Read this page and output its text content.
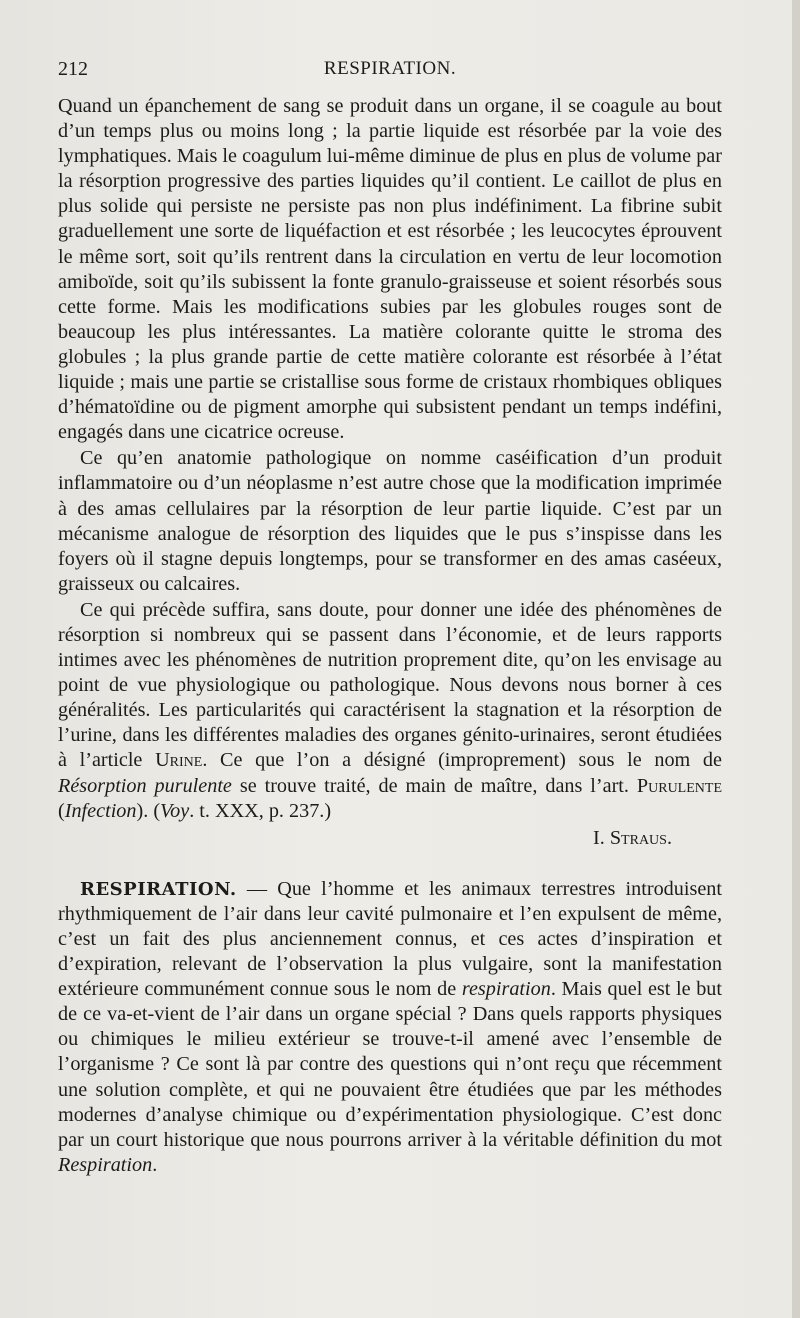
212	RESPIRATION.

Quand un épanchement de sang se produit dans un organe, il se coagule au bout d’un temps plus ou moins long ; la partie liquide est résorbée par la voie des lymphatiques. Mais le coagulum lui-même diminue de plus en plus de volume par la résorption progressive des parties liquides qu’il contient. Le caillot de plus en plus solide qui persiste ne persiste pas non plus indéfiniment. La fibrine subit graduellement une sorte de liquéfaction et est résorbée ; les leucocytes éprouvent le même sort, soit qu’ils rentrent dans la circulation en vertu de leur locomotion amiboïde, soit qu’ils subissent la fonte granulo-graisseuse et soient résorbés sous cette forme. Mais les modifications subies par les globules rouges sont de beaucoup les plus intéressantes. La matière colorante quitte le stroma des globules ; la plus grande partie de cette matière colorante est résorbée à l’état liquide ; mais une partie se cristallise sous forme de cristaux rhombiques obliques d’hématoïdine ou de pigment amorphe qui subsistent pendant un temps indéfini, engagés dans une cicatrice ocreuse.

Ce qu’en anatomie pathologique on nomme caséification d’un produit inflammatoire ou d’un néoplasme n’est autre chose que la modification imprimée à des amas cellulaires par la résorption de leur partie liquide. C’est par un mécanisme analogue de résorption des liquides que le pus s’inspisse dans les foyers où il stagne depuis longtemps, pour se transformer en des amas caséeux, graisseux ou calcaires.

Ce qui précède suffira, sans doute, pour donner une idée des phénomènes de résorption si nombreux qui se passent dans l’économie, et de leurs rapports intimes avec les phénomènes de nutrition proprement dite, qu’on les envisage au point de vue physiologique ou pathologique. Nous devons nous borner à ces généralités. Les particularités qui caractérisent la stagnation et la résorption de l’urine, dans les différentes maladies des organes génito-urinaires, seront étudiées à l’article Urine. Ce que l’on a désigné (improprement) sous le nom de Résorption purulente se trouve traité, de main de maître, dans l’art. Purulente (Infection). (Voy. t. XXX, p. 237.)

I. Straus.

RESPIRATION. — Que l’homme et les animaux terrestres introduisent rhythmiquement de l’air dans leur cavité pulmonaire et l’en expulsent de même, c’est un fait des plus anciennement connus, et ces actes d’inspiration et d’expiration, relevant de l’observation la plus vulgaire, sont la manifestation extérieure communément connue sous le nom de respiration. Mais quel est le but de ce va-et-vient de l’air dans un organe spécial ? Dans quels rapports physiques ou chimiques le milieu extérieur se trouve-t-il amené avec l’ensemble de l’organisme ? Ce sont là par contre des questions qui n’ont reçu que récemment une solution complète, et qui ne pouvaient être étudiées que par les méthodes modernes d’analyse chimique ou d’expérimentation physiologique. C’est donc par un court historique que nous pourrons arriver à la véritable définition du mot Respiration.
